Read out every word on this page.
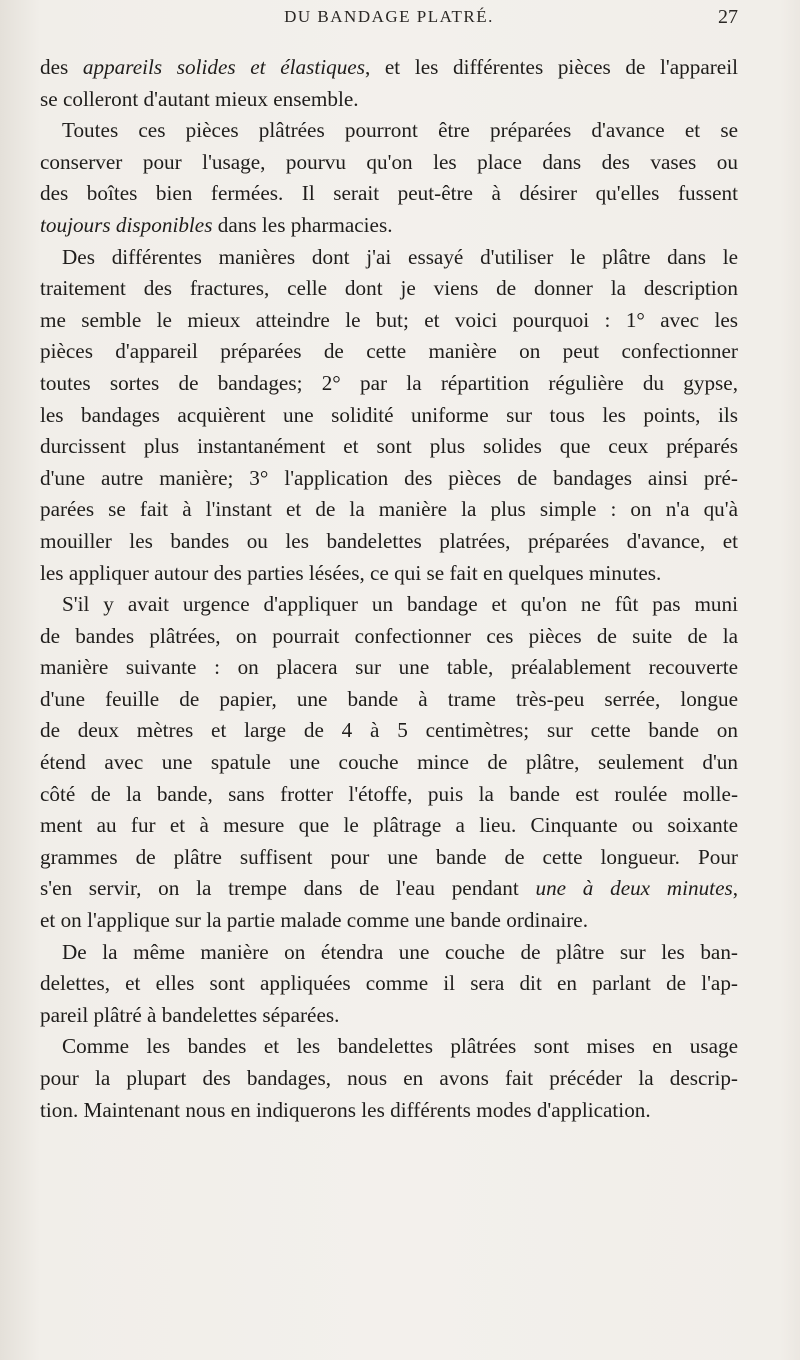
DU BANDAGE PLATRÉ.	27
des appareils solides et élastiques, et les différentes pièces de l'appareil
se colleront d'autant mieux ensemble.
Toutes ces pièces plâtrées pourront être préparées d'avance et se
conserver pour l'usage, pourvu qu'on les place dans des vases ou
des boîtes bien fermées. Il serait peut-être à désirer qu'elles fussent
toujours disponibles dans les pharmacies.
Des différentes manières dont j'ai essayé d'utiliser le plâtre dans le
traitement des fractures, celle dont je viens de donner la description
me semble le mieux atteindre le but; et voici pourquoi : 1° avec les
pièces d'appareil préparées de cette manière on peut confectionner
toutes sortes de bandages; 2° par la répartition régulière du gypse,
les bandages acquièrent une solidité uniforme sur tous les points, ils
durcissent plus instantanément et sont plus solides que ceux préparés
d'une autre manière; 3° l'application des pièces de bandages ainsi pré-
parées se fait à l'instant et de la manière la plus simple : on n'a qu'à
mouiller les bandes ou les bandelettes platrées, préparées d'avance, et
les appliquer autour des parties lésées, ce qui se fait en quelques minutes.
S'il y avait urgence d'appliquer un bandage et qu'on ne fût pas muni
de bandes plâtrées, on pourrait confectionner ces pièces de suite de la
manière suivante : on placera sur une table, préalablement recouverte
d'une feuille de papier, une bande à trame très-peu serrée, longue
de deux mètres et large de 4 à 5 centimètres; sur cette bande on
étend avec une spatule une couche mince de plâtre, seulement d'un
côté de la bande, sans frotter l'étoffe, puis la bande est roulée molle-
ment au fur et à mesure que le plâtrage a lieu. Cinquante ou soixante
grammes de plâtre suffisent pour une bande de cette longueur. Pour
s'en servir, on la trempe dans de l'eau pendant une à deux minutes,
et on l'applique sur la partie malade comme une bande ordinaire.
De la même manière on étendra une couche de plâtre sur les ban-
delettes, et elles sont appliquées comme il sera dit en parlant de l'ap-
pareil plâtré à bandelettes séparées.
Comme les bandes et les bandelettes plâtrées sont mises en usage
pour la plupart des bandages, nous en avons fait précéder la descrip-
tion. Maintenant nous en indiquerons les différents modes d'application.
